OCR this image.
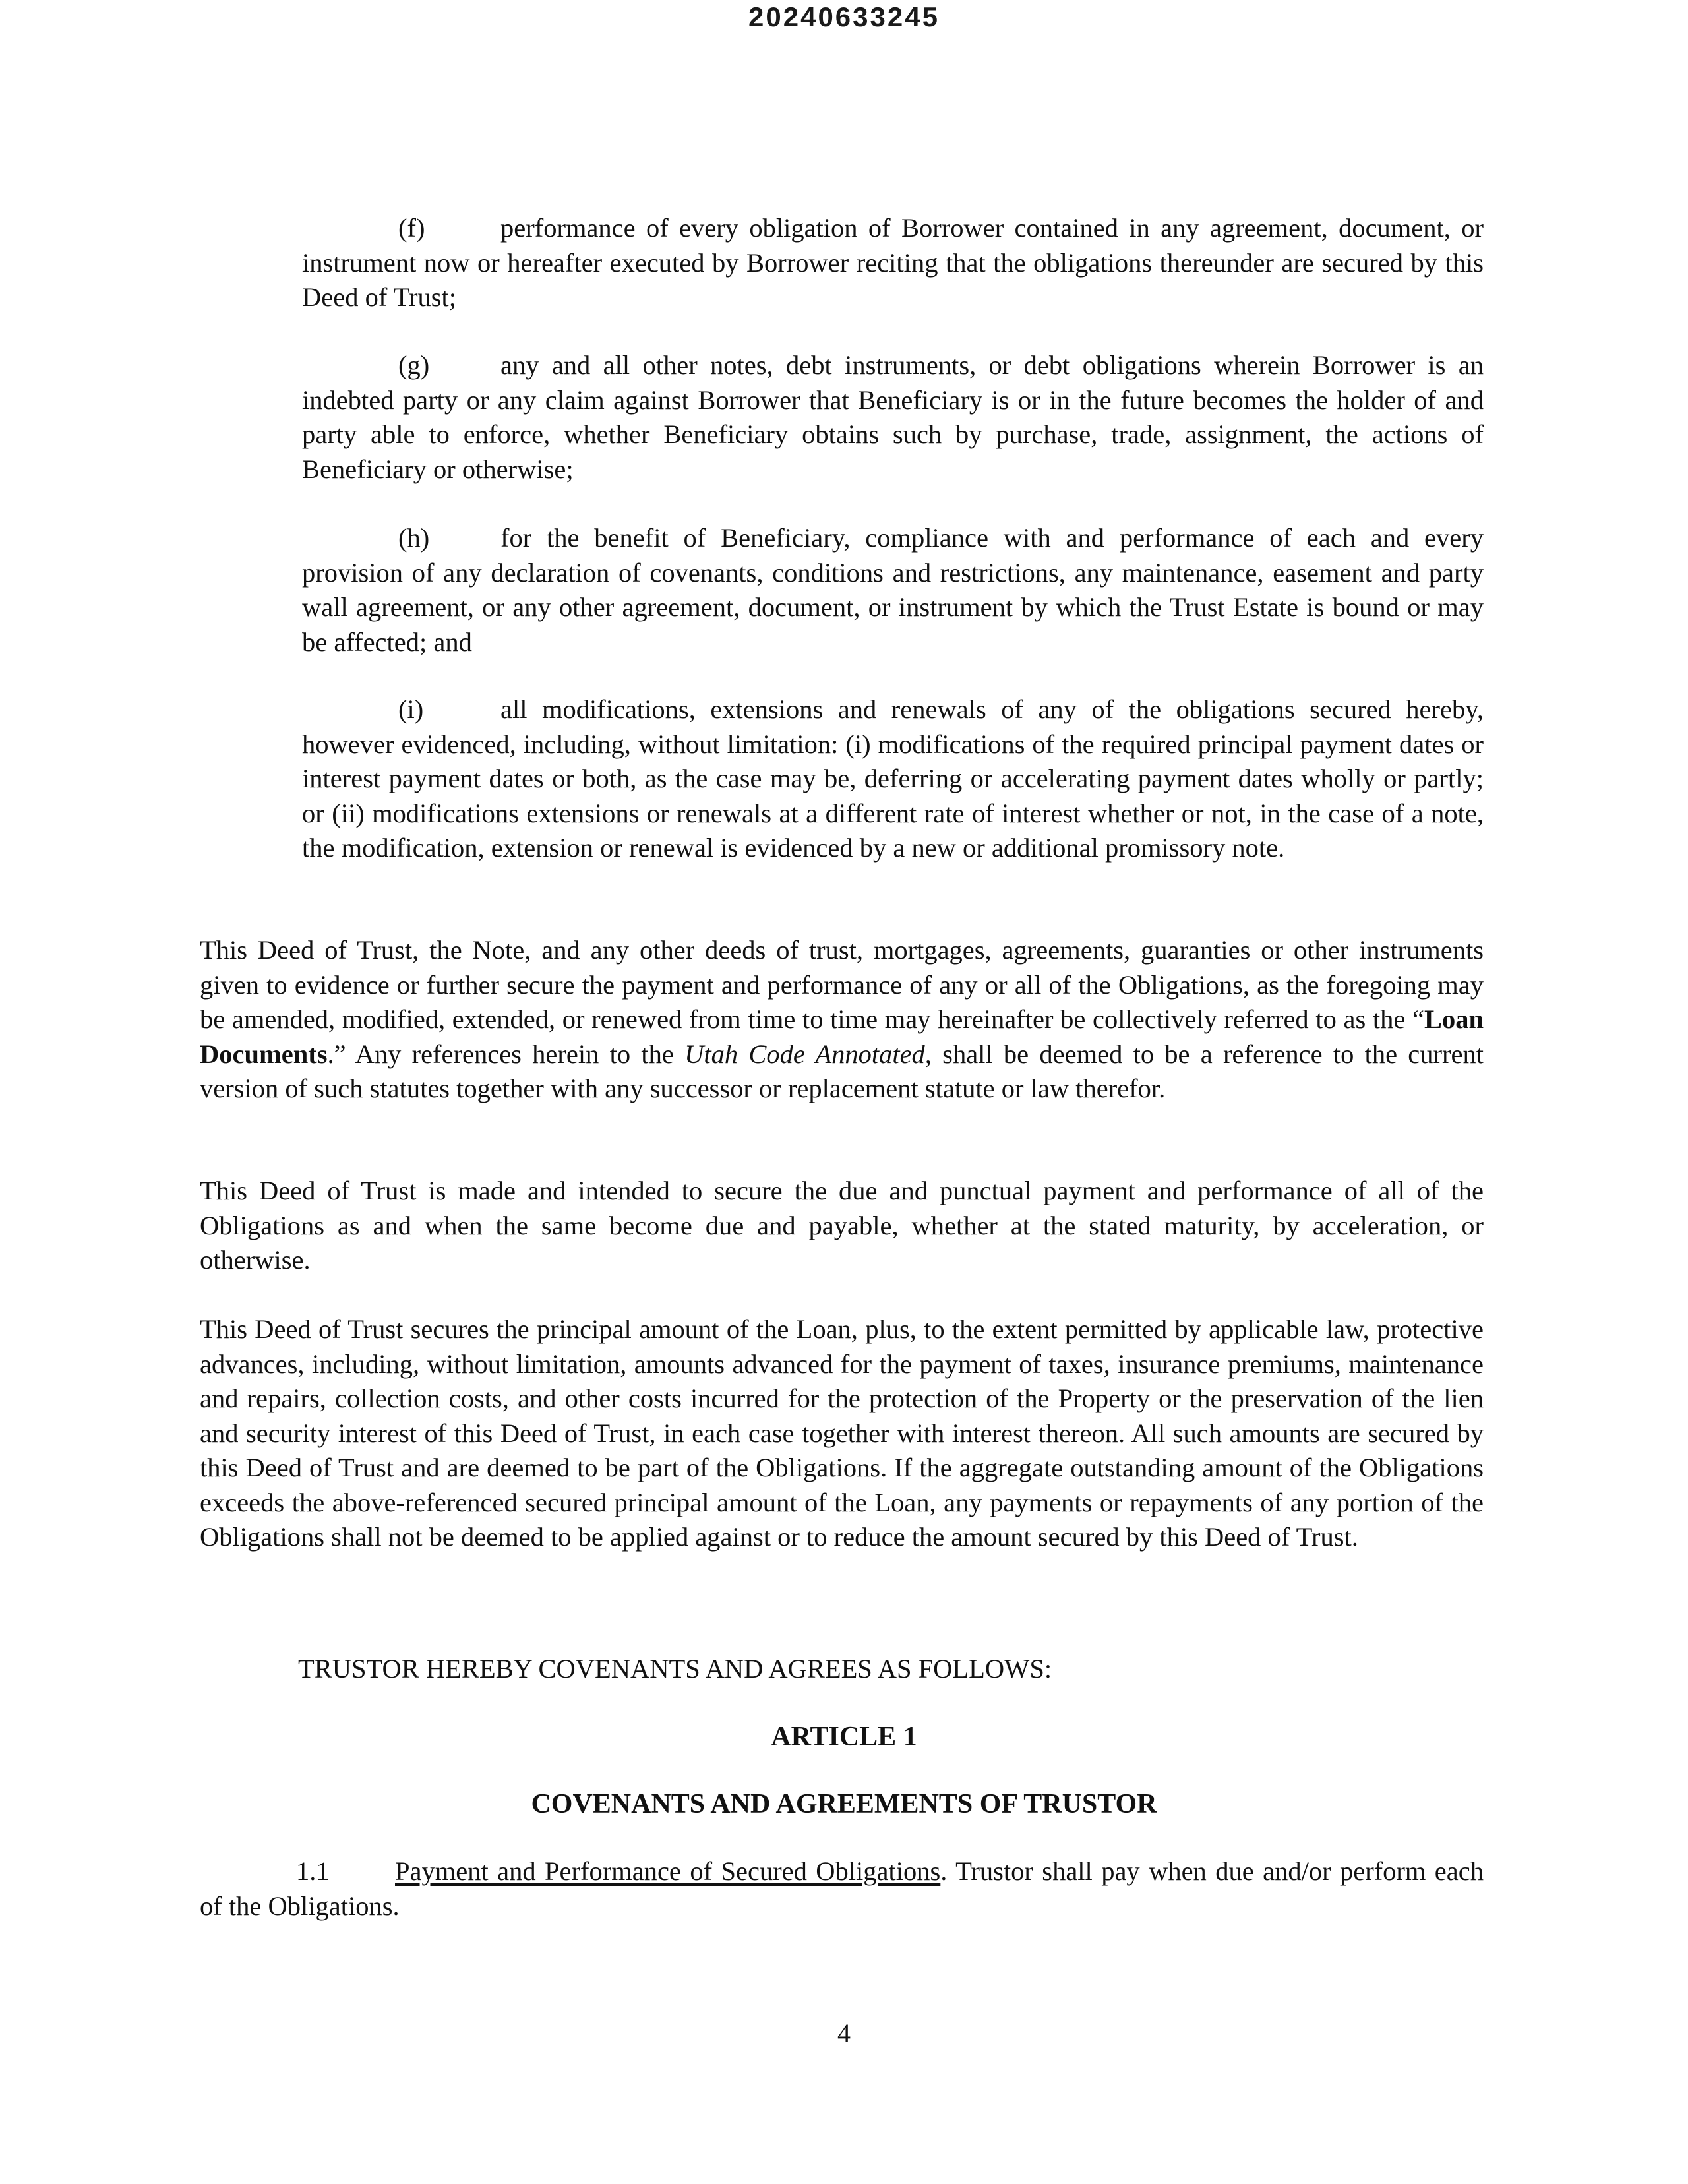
20240633245

(f)	performance of every obligation of Borrower contained in any agreement, document, or instrument now or hereafter executed by Borrower reciting that the obligations thereunder are secured by this Deed of Trust;

(g)	any and all other notes, debt instruments, or debt obligations wherein Borrower is an indebted party or any claim against Borrower that Beneficiary is or in the future becomes the holder of and party able to enforce, whether Beneficiary obtains such by purchase, trade, assignment, the actions of Beneficiary or otherwise;

(h)	for the benefit of Beneficiary, compliance with and performance of each and every provision of any declaration of covenants, conditions and restrictions, any maintenance, easement and party wall agreement, or any other agreement, document, or instrument by which the Trust Estate is bound or may be affected; and

(i)	all modifications, extensions and renewals of any of the obligations secured hereby, however evidenced, including, without limitation: (i) modifications of the required principal payment dates or interest payment dates or both, as the case may be, deferring or accelerating payment dates wholly or partly; or (ii) modifications extensions or renewals at a different rate of interest whether or not, in the case of a note, the modification, extension or renewal is evidenced by a new or additional promissory note.

This Deed of Trust, the Note, and any other deeds of trust, mortgages, agreements, guaranties or other instruments given to evidence or further secure the payment and performance of any or all of the Obligations, as the foregoing may be amended, modified, extended, or renewed from time to time may hereinafter be collectively referred to as the “Loan Documents.” Any references herein to the Utah Code Annotated, shall be deemed to be a reference to the current version of such statutes together with any successor or replacement statute or law therefor.

This Deed of Trust is made and intended to secure the due and punctual payment and performance of all of the Obligations as and when the same become due and payable, whether at the stated maturity, by acceleration, or otherwise.

This Deed of Trust secures the principal amount of the Loan, plus, to the extent permitted by applicable law, protective advances, including, without limitation, amounts advanced for the payment of taxes, insurance premiums, maintenance and repairs, collection costs, and other costs incurred for the protection of the Property or the preservation of the lien and security interest of this Deed of Trust, in each case together with interest thereon. All such amounts are secured by this Deed of Trust and are deemed to be part of the Obligations. If the aggregate outstanding amount of the Obligations exceeds the above-referenced secured principal amount of the Loan, any payments or repayments of any portion of the Obligations shall not be deemed to be applied against or to reduce the amount secured by this Deed of Trust.

TRUSTOR HEREBY COVENANTS AND AGREES AS FOLLOWS:

ARTICLE 1

COVENANTS AND AGREEMENTS OF TRUSTOR

1.1 Payment and Performance of Secured Obligations. Trustor shall pay when due and/or perform each of the Obligations.

4
